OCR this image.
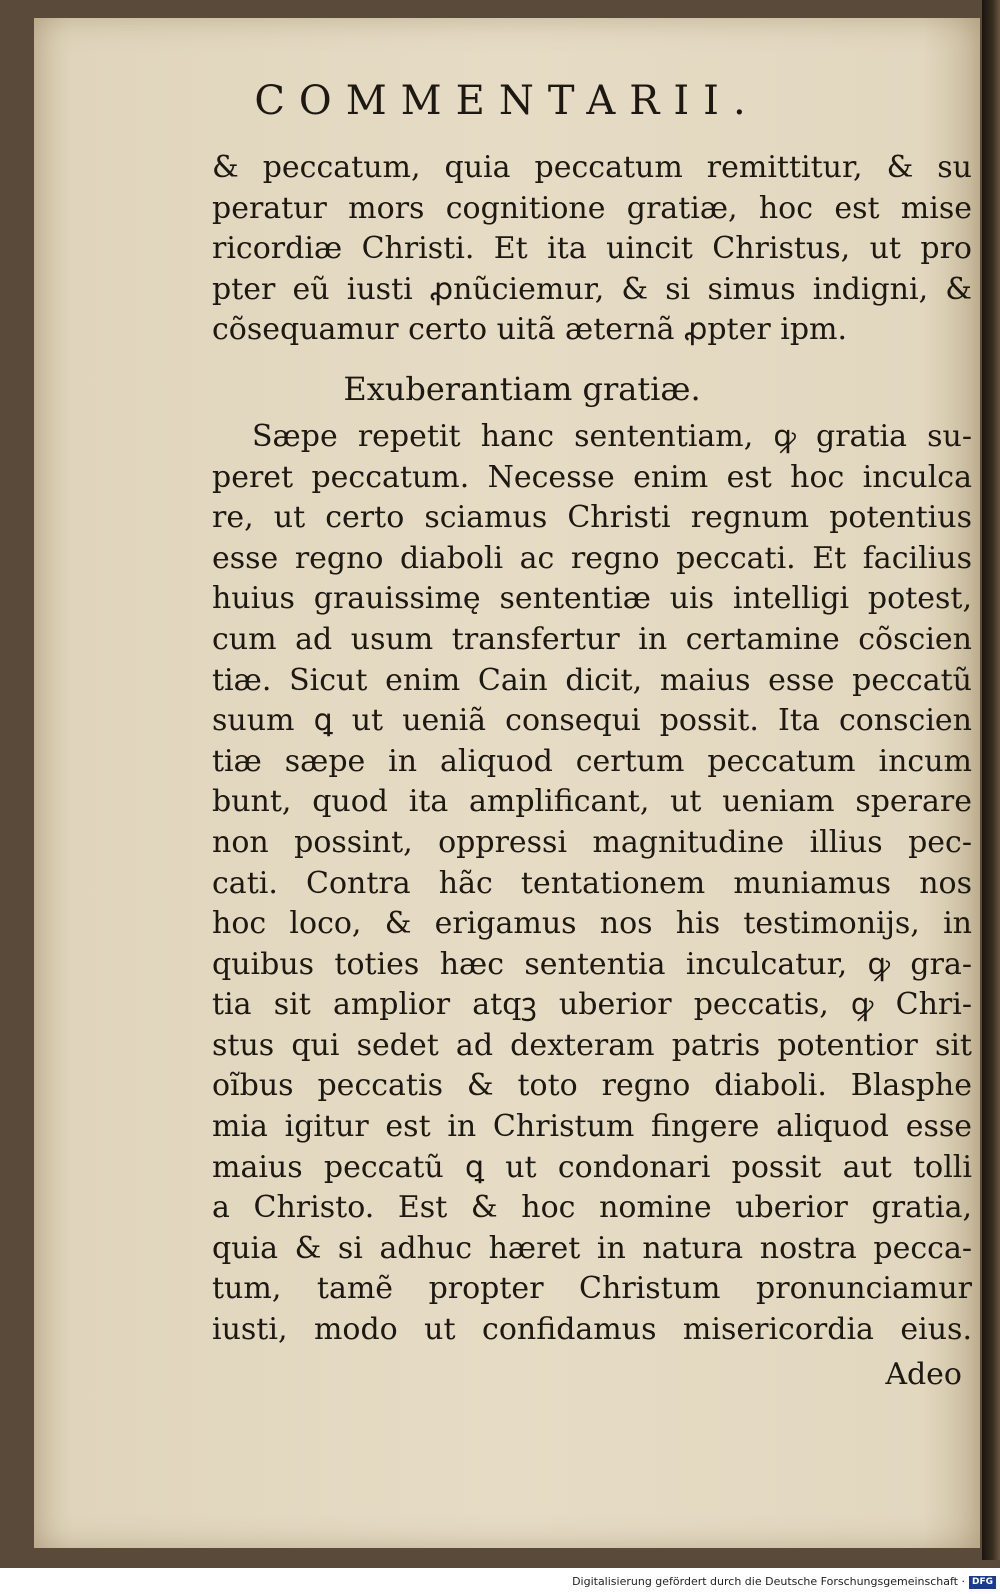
COMMENTARII.
& peccatum, quia peccatum remittitur, & su
peratur mors cognitione gratiæ, hoc est mise
ricordiæ Christi. Et ita uincit Christus, ut pro
pter eũ iusti ꝓnũciemur, & si simus indigni, &
cõsequamur certo uitã æternã ꝓpter ipm.
Exuberantiam gratiæ.
Sæpe repetit hanc sententiam, ꝙ gratia su-
peret peccatum. Necesse enim est hoc inculca
re, ut certo sciamus Christi regnum potentius
esse regno diaboli ac regno peccati. Et facilius
huius grauissimę sententiæ uis intelligi potest,
cum ad usum transfertur in certamine cõscien
tiæ. Sicut enim Cain dicit, maius esse peccatũ
suum ꝗ ut ueniã consequi possit. Ita conscien
tiæ sæpe in aliquod certum peccatum incum
bunt, quod ita amplificant, ut ueniam sperare
non possint, oppressi magnitudine illius pec-
cati. Contra hãc tentationem muniamus nos
hoc loco, & erigamus nos his testimonijs, in
quibus toties hæc sententia inculcatur, ꝙ gra-
tia sit amplior atqꝫ uberior peccatis, ꝙ Chri-
stus qui sedet ad dexteram patris potentior sit
oĩbus peccatis & toto regno diaboli. Blasphe
mia igitur est in Christum fingere aliquod esse
maius peccatũ ꝗ ut condonari possit aut tolli
a Christo. Est & hoc nomine uberior gratia,
quia & si adhuc hæret in natura nostra pecca-
tum, tamẽ propter Christum pronunciamur
iusti, modo ut confidamus misericordia eius.
Adeo
Digitalisierung gefördert durch die Deutsche Forschungsgemeinschaft · DFG
